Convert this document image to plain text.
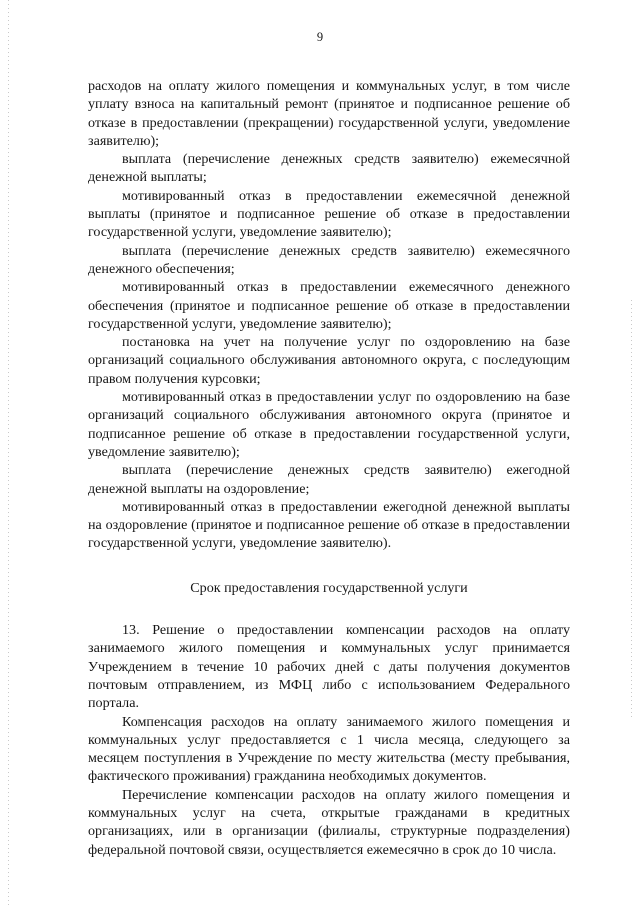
9

расходов на оплату жилого помещения и коммунальных услуг, в том числе уплату взноса на капитальный ремонт (принятое и подписанное решение об отказе в предоставлении (прекращении) государственной услуги, уведомление заявителю);

выплата (перечисление денежных средств заявителю) ежемесячной денежной выплаты;

мотивированный отказ в предоставлении ежемесячной денежной выплаты (принятое и подписанное решение об отказе в предоставлении государственной услуги, уведомление заявителю);

выплата (перечисление денежных средств заявителю) ежемесячного денежного обеспечения;

мотивированный отказ в предоставлении ежемесячного денежного обеспечения (принятое и подписанное решение об отказе в предоставлении государственной услуги, уведомление заявителю);

постановка на учет на получение услуг по оздоровлению на базе организаций социального обслуживания автономного округа, с последующим правом получения курсовки;

мотивированный отказ в предоставлении услуг по оздоровлению на базе организаций социального обслуживания автономного округа (принятое и подписанное решение об отказе в предоставлении государственной услуги, уведомление заявителю);

выплата (перечисление денежных средств заявителю) ежегодной денежной выплаты на оздоровление;

мотивированный отказ в предоставлении ежегодной денежной выплаты на оздоровление (принятое и подписанное решение об отказе в предоставлении государственной услуги, уведомление заявителю).

Срок предоставления государственной услуги

13. Решение о предоставлении компенсации расходов на оплату занимаемого жилого помещения и коммунальных услуг принимается Учреждением в течение 10 рабочих дней с даты получения документов почтовым отправлением, из МФЦ либо с использованием Федерального портала.

Компенсация расходов на оплату занимаемого жилого помещения и коммунальных услуг предоставляется с 1 числа месяца, следующего за месяцем поступления в Учреждение по месту жительства (месту пребывания, фактического проживания) гражданина необходимых документов.

Перечисление компенсации расходов на оплату жилого помещения и коммунальных услуг на счета, открытые гражданами в кредитных организациях, или в организации (филиалы, структурные подразделения) федеральной почтовой связи, осуществляется ежемесячно в срок до 10 числа.
